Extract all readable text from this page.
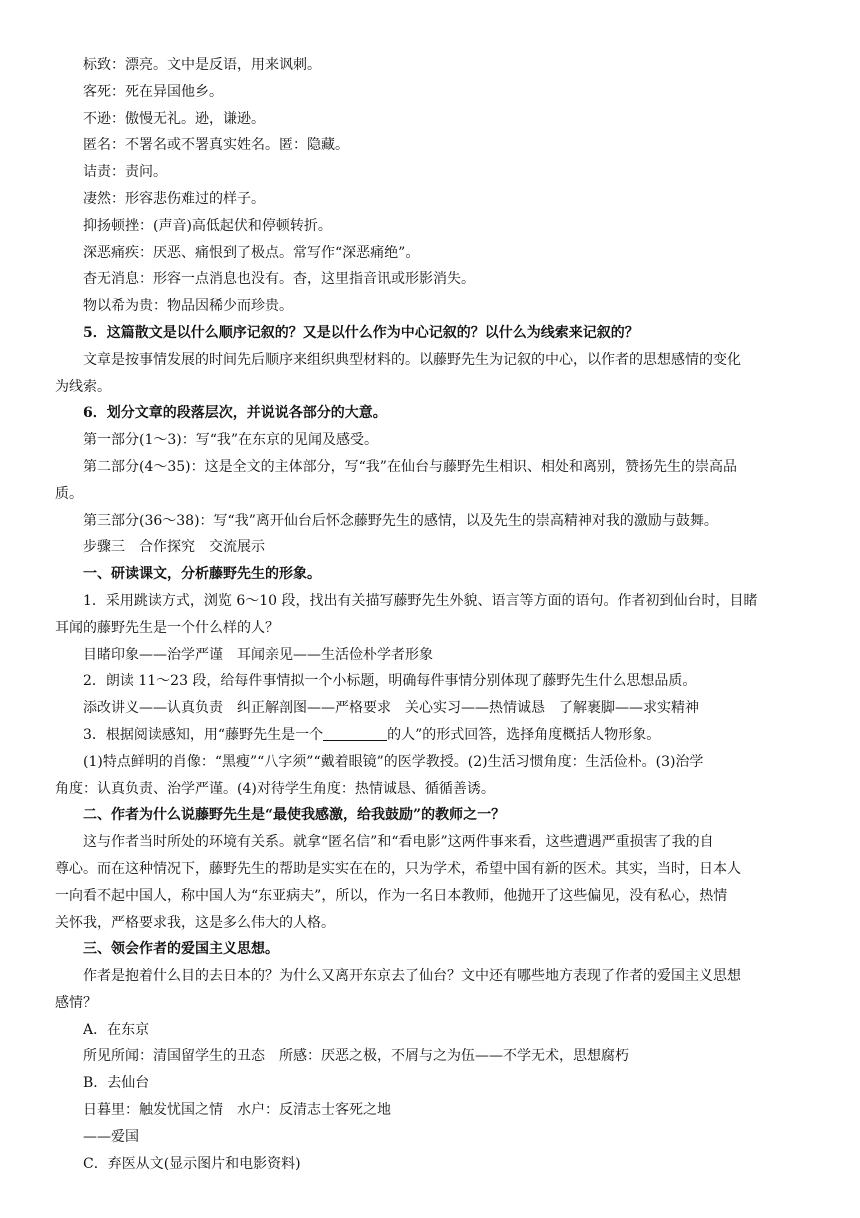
标致：漂亮。文中是反语，用来讽刺。

客死：死在异国他乡。

不逊：傲慢无礼。逊，谦逊。

匿名：不署名或不署真实姓名。匿：隐藏。

诘责：责问。

凄然：形容悲伤难过的样子。

抑扬顿挫：(声音)高低起伏和停顿转折。

深恶痛疾：厌恶、痛恨到了极点。常写作“深恶痛绝”。

杳无消息：形容一点消息也没有。杳，这里指音讯或形影消失。

物以希为贵：物品因稀少而珍贵。

5．这篇散文是以什么顺序记叙的？又是以什么作为中心记叙的？以什么为线索来记叙的？

文章是按事情发展的时间先后顺序来组织典型材料的。以藤野先生为记叙的中心，以作者的思想感情的变化

为线索。

6．划分文章的段落层次，并说说各部分的大意。

第一部分(1～3)：写“我”在东京的见闻及感受。

第二部分(4～35)：这是全文的主体部分，写“我”在仙台与藤野先生相识、相处和离别，赞扬先生的崇高品

质。

第三部分(36～38)：写“我”离开仙台后怀念藤野先生的感情，以及先生的崇高精神对我的激励与鼓舞。

步骤三　合作探究　交流展示

一、研读课文，分析藤野先生的形象。

1．采用跳读方式，浏览 6～10 段，找出有关描写藤野先生外貌、语言等方面的语句。作者初到仙台时，目睹

耳闻的藤野先生是一个什么样的人？

目睹印象——治学严谨　耳闻亲见——生活俭朴学者形象

2．朗读 11～23 段，给每件事情拟一个小标题，明确每件事情分别体现了藤野先生什么思想品质。

添改讲义——认真负责　纠正解剖图——严格要求　关心实习——热情诚恳　了解裹脚——求实精神

3．根据阅读感知，用“藤野先生是一个	的人”的形式回答，选择角度概括人物形象。

(1)特点鲜明的肖像：“黑瘦”“八字须”“戴着眼镜”的医学教授。(2)生活习惯角度：生活俭朴。(3)治学

角度：认真负责、治学严谨。(4)对待学生角度：热情诚恳、循循善诱。

二、作者为什么说藤野先生是“最使我感激，给我鼓励”的教师之一？

这与作者当时所处的环境有关系。就拿“匿名信”和“看电影”这两件事来看，这些遭遇严重损害了我的自

尊心。而在这种情况下，藤野先生的帮助是实实在在的，只为学术，希望中国有新的医术。其实，当时，日本人

一向看不起中国人，称中国人为“东亚病夫”，所以，作为一名日本教师，他抛开了这些偏见，没有私心，热情

关怀我，严格要求我，这是多么伟大的人格。

三、领会作者的爱国主义思想。

作者是抱着什么目的去日本的？为什么又离开东京去了仙台？文中还有哪些地方表现了作者的爱国主义思想

感情？

A．在东京

所见所闻：清国留学生的丑态　所感：厌恶之极，不屑与之为伍——不学无术，思想腐朽

B．去仙台

日暮里：触发忧国之情　水户：反清志士客死之地

——爱国

C．弃医从文(显示图片和电影资料)
